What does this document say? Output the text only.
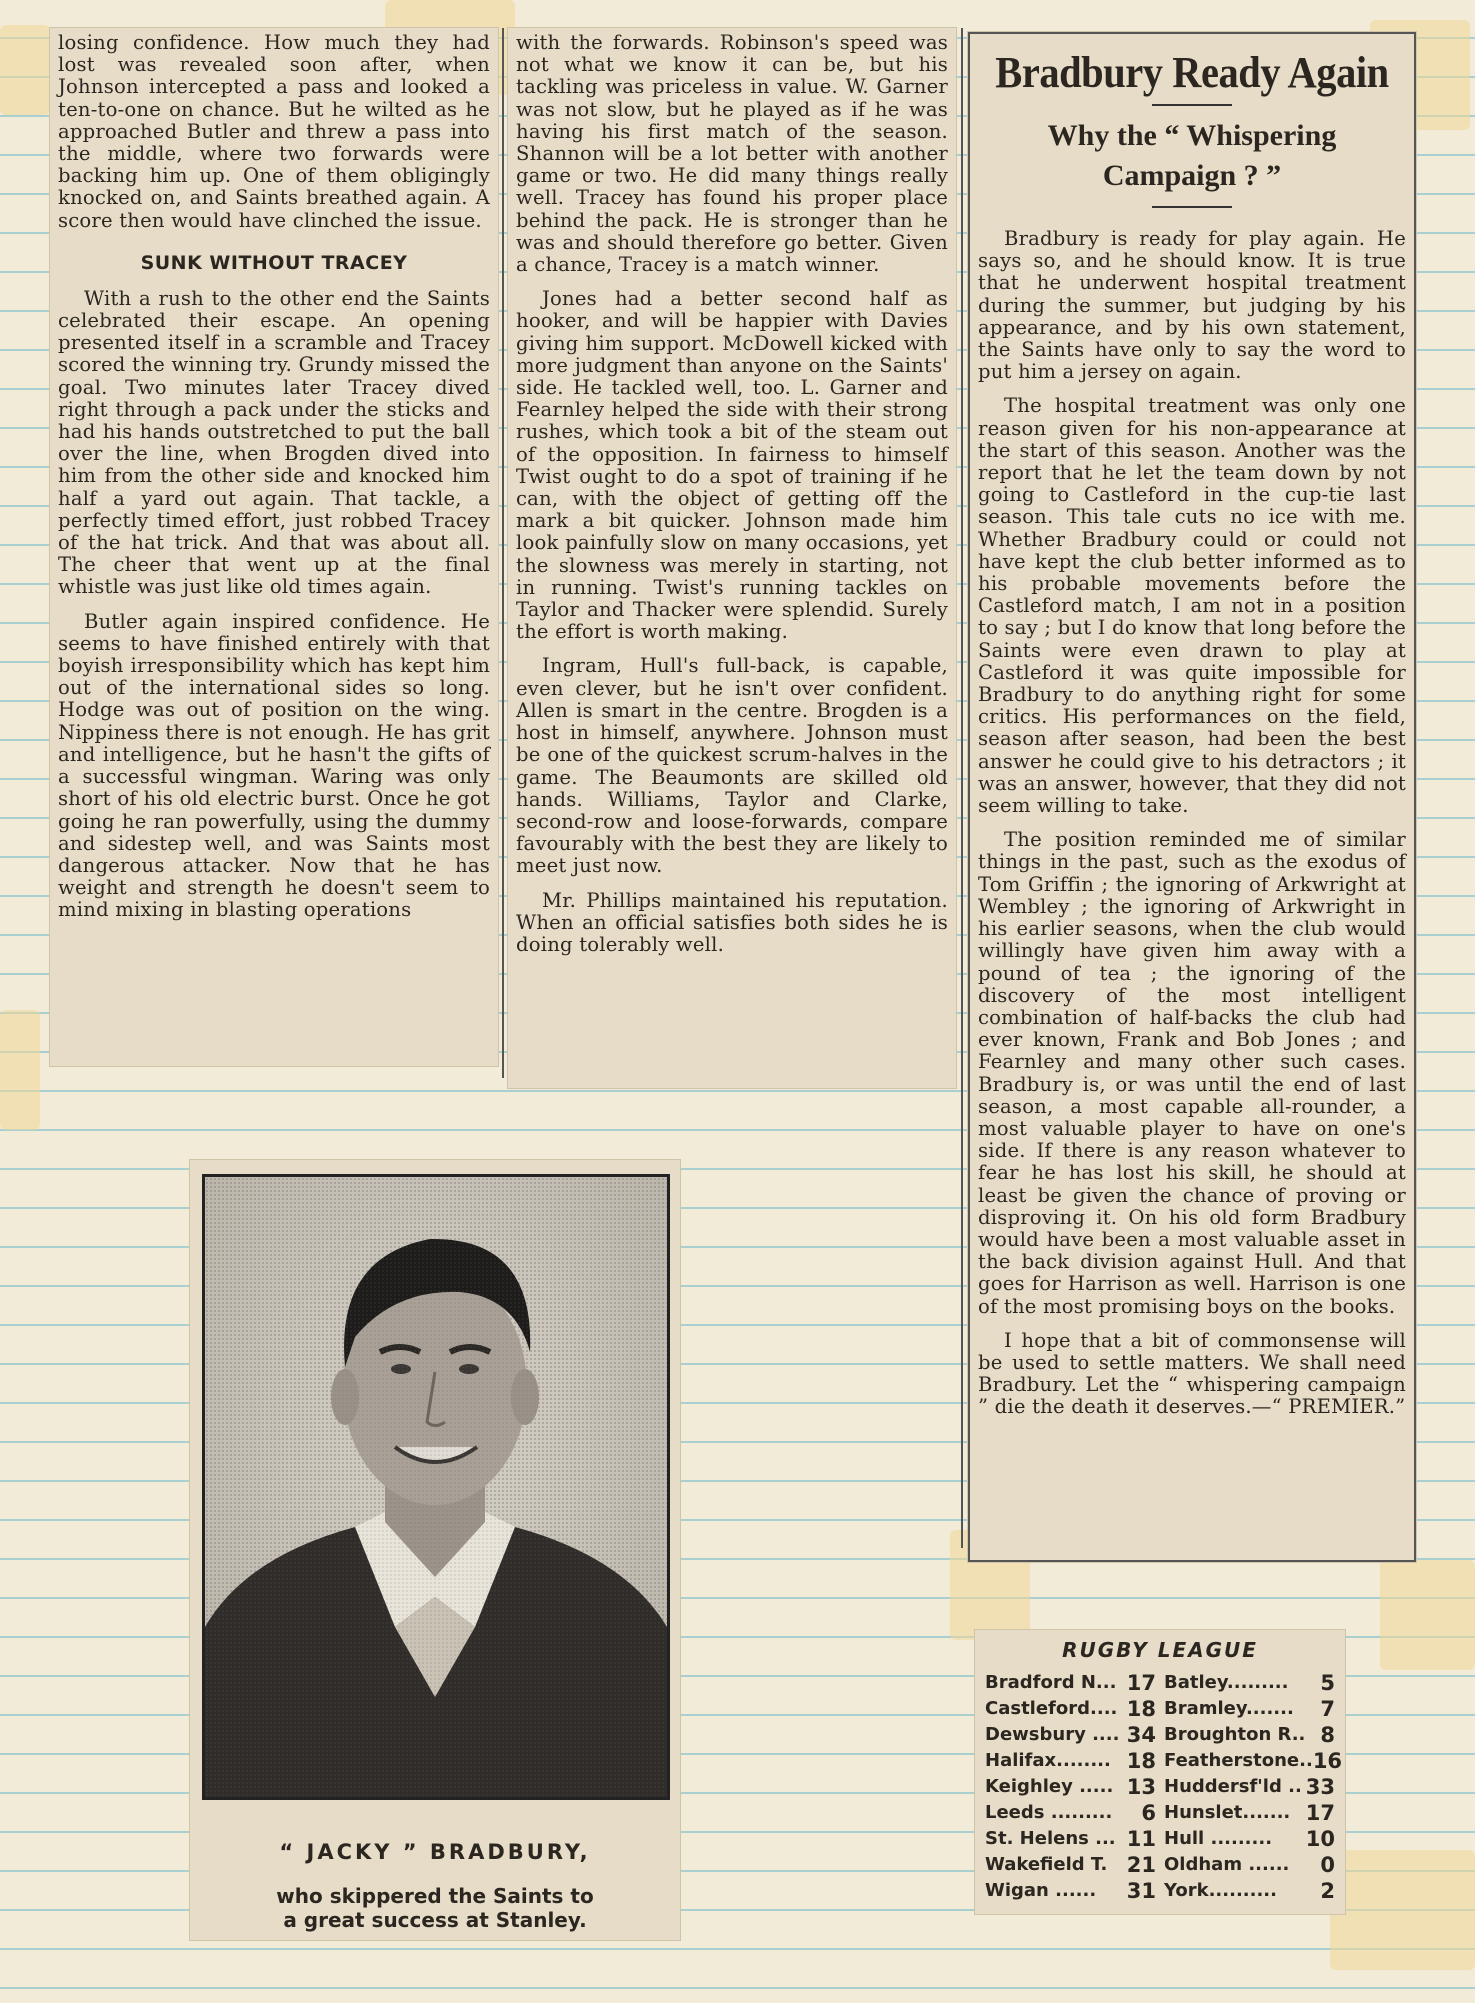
losing confidence. How much they had lost was revealed soon after, when Johnson intercepted a pass and looked a ten-to-one on chance. But he wilted as he approached Butler and threw a pass into the middle, where two forwards were backing him up. One of them obligingly knocked on, and Saints breathed again. A score then would have clinched the issue.

SUNK WITHOUT TRACEY

With a rush to the other end the Saints celebrated their escape. An opening presented itself in a scramble and Tracey scored the winning try. Grundy missed the goal. Two minutes later Tracey dived right through a pack under the sticks and had his hands outstretched to put the ball over the line, when Brogden dived into him from the other side and knocked him half a yard out again. That tackle, a perfectly timed effort, just robbed Tracey of the hat trick. And that was about all. The cheer that went up at the final whistle was just like old times again.

Butler again inspired confidence. He seems to have finished entirely with that boyish irresponsibility which has kept him out of the international sides so long. Hodge was out of position on the wing. Nippiness there is not enough. He has grit and intelligence, but he hasn't the gifts of a successful wingman. Waring was only short of his old electric burst. Once he got going he ran powerfully, using the dummy and sidestep well, and was Saints most dangerous attacker. Now that he has weight and strength he doesn't seem to mind mixing in blasting operations

with the forwards. Robinson's speed was not what we know it can be, but his tackling was priceless in value. W. Garner was not slow, but he played as if he was having his first match of the season. Shannon will be a lot better with another game or two. He did many things really well. Tracey has found his proper place behind the pack. He is stronger than he was and should therefore go better. Given a chance, Tracey is a match winner.

Jones had a better second half as hooker, and will be happier with Davies giving him support. McDowell kicked with more judgment than anyone on the Saints' side. He tackled well, too. L. Garner and Fearnley helped the side with their strong rushes, which took a bit of the steam out of the opposition. In fairness to himself Twist ought to do a spot of training if he can, with the object of getting off the mark a bit quicker. Johnson made him look painfully slow on many occasions, yet the slowness was merely in starting, not in running. Twist's running tackles on Taylor and Thacker were splendid. Surely the effort is worth making.

Ingram, Hull's full-back, is capable, even clever, but he isn't over confident. Allen is smart in the centre. Brogden is a host in himself, anywhere. Johnson must be one of the quickest scrum-halves in the game. The Beaumonts are skilled old hands. Williams, Taylor and Clarke, second-row and loose-forwards, compare favourably with the best they are likely to meet just now.

Mr. Phillips maintained his reputation. When an official satisfies both sides he is doing tolerably well.

Bradbury Ready Again
Why the “ Whispering Campaign ? ”

Bradbury is ready for play again. He says so, and he should know. It is true that he underwent hospital treatment during the summer, but judging by his appearance, and by his own statement, the Saints have only to say the word to put him a jersey on again.

The hospital treatment was only one reason given for his non-appearance at the start of this season. Another was the report that he let the team down by not going to Castleford in the cup-tie last season. This tale cuts no ice with me. Whether Bradbury could or could not have kept the club better informed as to his probable movements before the Castleford match, I am not in a position to say ; but I do know that long before the Saints were even drawn to play at Castleford it was quite impossible for Bradbury to do anything right for some critics. His performances on the field, season after season, had been the best answer he could give to his detractors ; it was an answer, however, that they did not seem willing to take.

The position reminded me of similar things in the past, such as the exodus of Tom Griffin ; the ignoring of Arkwright at Wembley ; the ignoring of Arkwright in his earlier seasons, when the club would willingly have given him away with a pound of tea ; the ignoring of the discovery of the most intelligent combination of half-backs the club had ever known, Frank and Bob Jones ; and Fearnley and many other such cases. Bradbury is, or was until the end of last season, a most capable all-rounder, a most valuable player to have on one's side. If there is any reason whatever to fear he has lost his skill, he should at least be given the chance of proving or disproving it. On his old form Bradbury would have been a most valuable asset in the back division against Hull. And that goes for Harrison as well. Harrison is one of the most promising boys on the books.

I hope that a bit of commonsense will be used to settle matters. We shall need Bradbury. Let the “ whispering campaign ” die the death it deserves.—“ PREMIER.”

“ JACKY ” BRADBURY,
who skippered the Saints to a great success at Stanley.
RUGBY LEAGUE
Bradford N... 17 Batley......... 5
Castleford.... 18 Bramley....... 7
Dewsbury .... 34 Broughton R.. 8
Halifax........ 18 Featherstone.. 16
Keighley ..... 13 Huddersf'ld .. 33
Leeds ......... 6 Hunslet....... 17
St. Helens ... 11 Hull ......... 10
Wakefield T. 21 Oldham ...... 0
Wigan ...... 31 York.......... 2
